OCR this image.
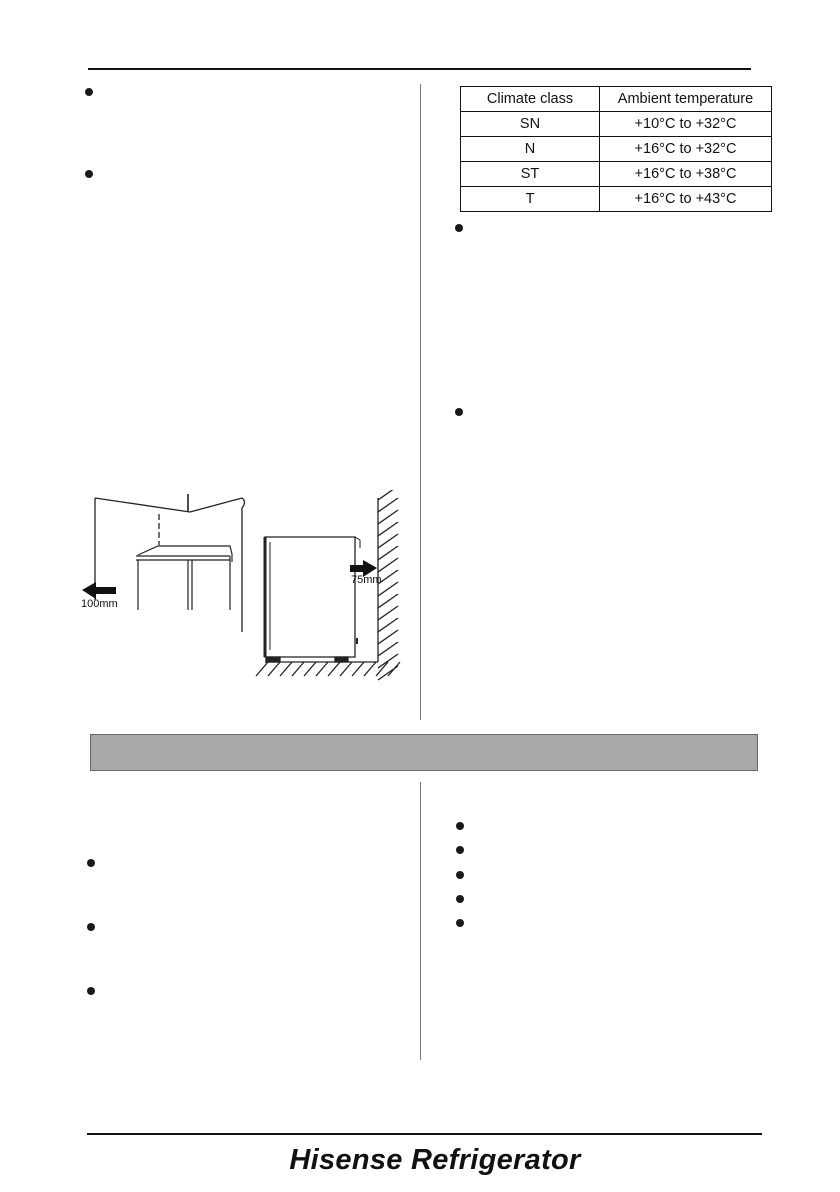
Climate class	Ambient temperature
SN	+10°C to +32°C
N	+16°C to +32°C
ST	+16°C to +38°C
T	+16°C to +43°C
100mm
75mm
Hisense Refrigerator
